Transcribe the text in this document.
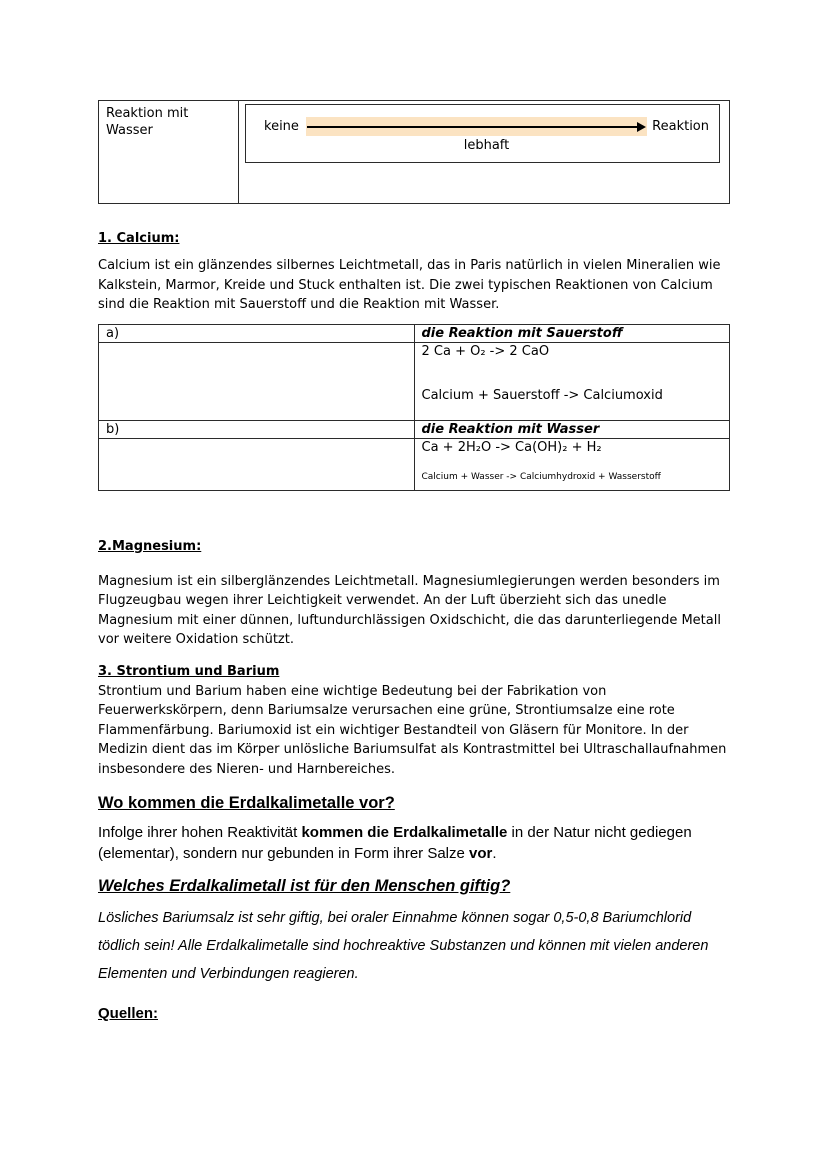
Reaktion mit Wasser	keine	Reaktion
lebhaft
1. Calcium:

Calcium ist ein glänzendes silbernes Leichtmetall, das in Paris natürlich in vielen Mineralien wie Kalkstein, Marmor, Kreide und Stuck enthalten ist. Die zwei typischen Reaktionen von Calcium sind die Reaktion mit Sauerstoff und die Reaktion mit Wasser.

a)	die Reaktion mit Sauerstoff

	2 Ca + O₂ -> 2 CaO
Calcium + Sauerstoff -> Calciumoxid

b)	die Reaktion mit Wasser

	Ca + 2H₂O -> Ca(OH)₂ + H₂
Calcium + Wasser -> Calciumhydroxid + Wasserstoff
2.Magnesium:

Magnesium ist ein silberglänzendes Leichtmetall. Magnesiumlegierungen werden besonders im Flugzeugbau wegen ihrer Leichtigkeit verwendet. An der Luft überzieht sich das unedle Magnesium mit einer dünnen, luftundurchlässigen Oxidschicht, die das darunterliegende Metall vor weitere Oxidation schützt.

3. Strontium und Barium

Strontium und Barium haben eine wichtige Bedeutung bei der Fabrikation von Feuerwerkskörpern, denn Bariumsalze verursachen eine grüne, Strontiumsalze eine rote Flammenfärbung. Bariumoxid ist ein wichtiger Bestandteil von Gläsern für Monitore. In der Medizin dient das im Körper unlösliche Bariumsulfat als Kontrastmittel bei Ultraschallaufnahmen insbesondere des Nieren- und Harnbereiches.

Wo kommen die Erdalkalimetalle vor?

Infolge ihrer hohen Reaktivität kommen die Erdalkalimetalle in der Natur nicht gediegen (elementar), sondern nur gebunden in Form ihrer Salze vor.

Welches Erdalkalimetall ist für den Menschen giftig?

Lösliches Bariumsalz ist sehr giftig, bei oraler Einnahme können sogar 0,5-0,8 Bariumchlorid tödlich sein! Alle Erdalkalimetalle sind hochreaktive Substanzen und können mit vielen anderen Elementen und Verbindungen reagieren.

Quellen:
